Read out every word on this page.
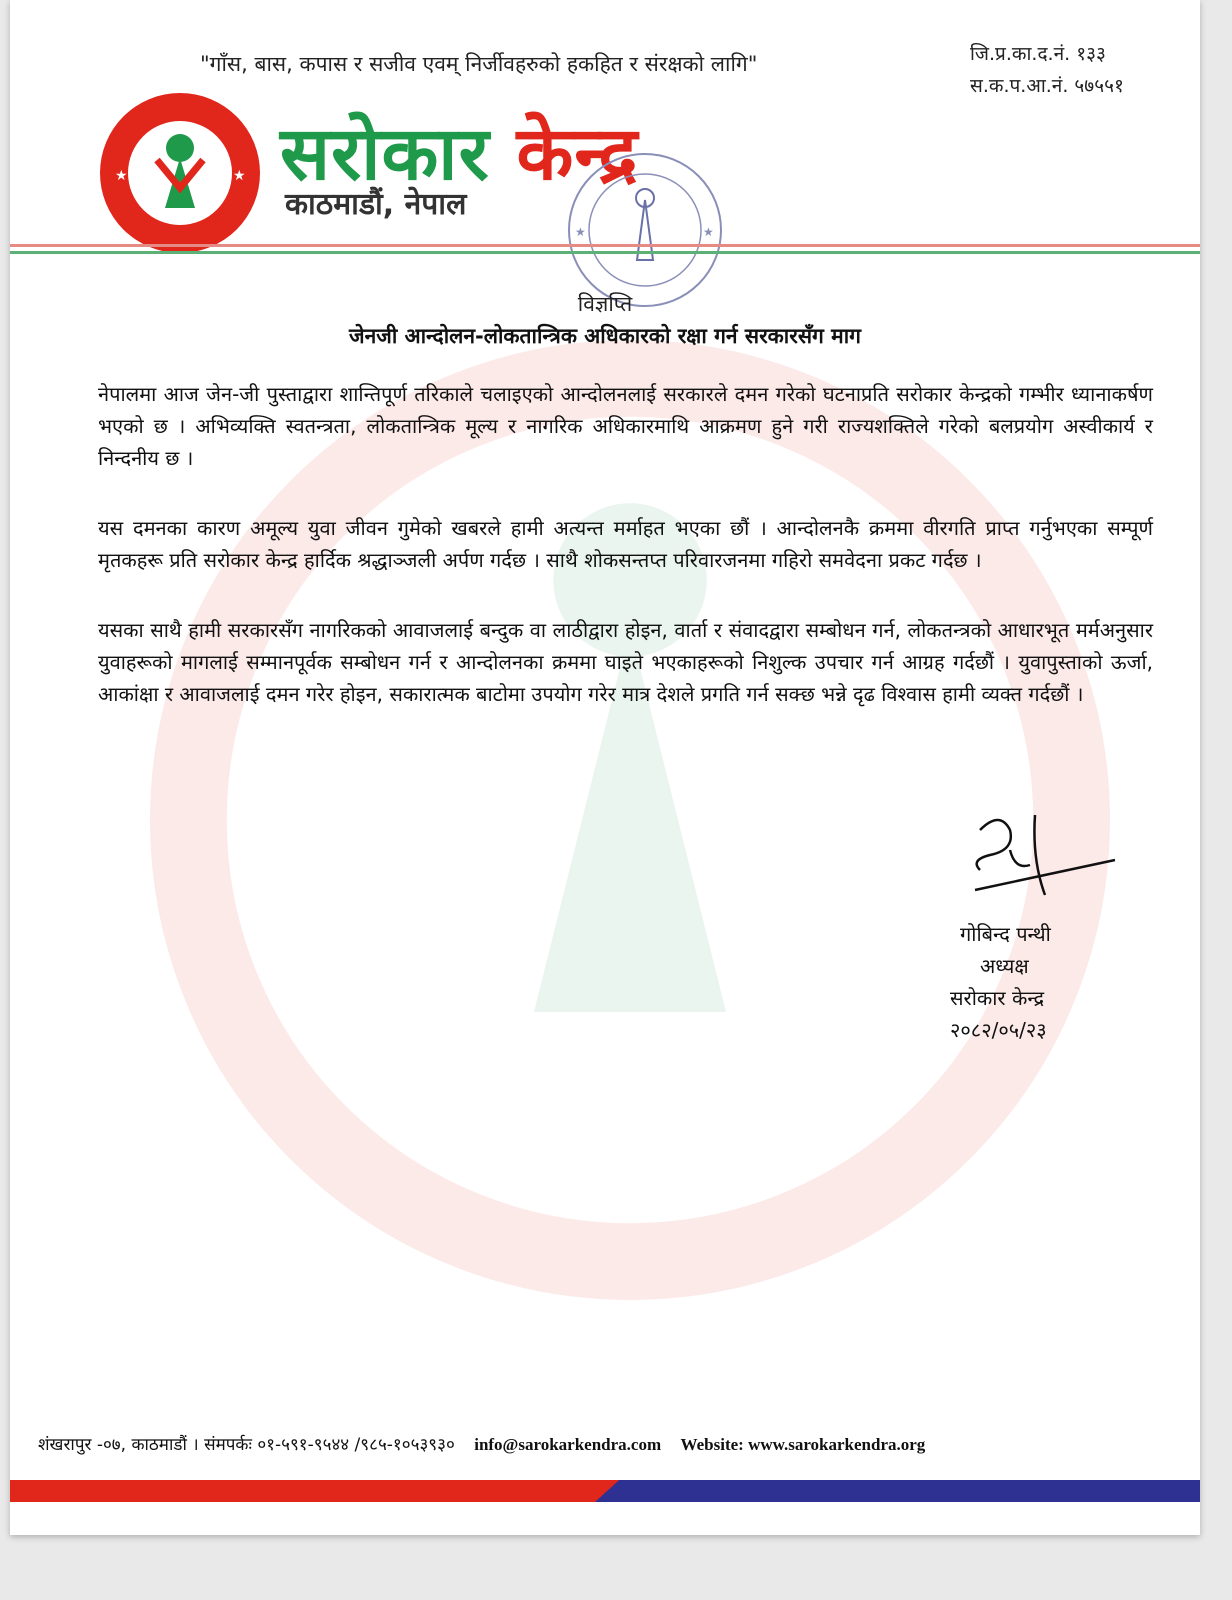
"गाँस, बास, कपास र सजीव एवम् निर्जीवहरुको हकहित र संरक्षको लागि"	जि.प्र.का.द.नं. १३३
स.क.प.आ.नं. ५७५५१
★	★ सरोकार केन्द्र
काठमाडौं, नेपाल
★	★
विज्ञप्ति
जेनजी आन्दोलन-लोकतान्त्रिक अधिकारको रक्षा गर्न सरकारसँग माग

नेपालमा आज जेन-जी पुस्ताद्वारा शान्तिपूर्ण तरिकाले चलाइएको आन्दोलनलाई सरकारले दमन गरेको घटनाप्रति सरोकार केन्द्रको गम्भीर ध्यानाकर्षण भएको छ । अभिव्यक्ति स्वतन्त्रता, लोकतान्त्रिक मूल्य र नागरिक अधिकारमाथि आक्रमण हुने गरी राज्यशक्तिले गरेको बलप्रयोग अस्वीकार्य र निन्दनीय छ ।

यस दमनका कारण अमूल्य युवा जीवन गुमेको खबरले हामी अत्यन्त मर्माहत भएका छौं । आन्दोलनकै क्रममा वीरगति प्राप्त गर्नुभएका सम्पूर्ण मृतकहरू प्रति सरोकार केन्द्र हार्दिक श्रद्धाञ्जली अर्पण गर्दछ । साथै शोकसन्तप्त परिवारजनमा गहिरो समवेदना प्रकट गर्दछ ।

यसका साथै हामी सरकारसँग नागरिकको आवाजलाई बन्दुक वा लाठीद्वारा होइन, वार्ता र संवादद्वारा सम्बोधन गर्न, लोकतन्त्रको आधारभूत मर्मअनुसार युवाहरूको मागलाई सम्मानपूर्वक सम्बोधन गर्न र आन्दोलनका क्रममा घाइते भएकाहरूको निशुल्क उपचार गर्न आग्रह गर्दछौं । युवापुस्ताको ऊर्जा, आकांक्षा र आवाजलाई दमन गरेर होइन, सकारात्मक बाटोमा उपयोग गरेर मात्र देशले प्रगति गर्न सक्छ भन्ने दृढ विश्वास हामी व्यक्त गर्दछौं ।

गोबिन्द पन्थी
अध्यक्ष
सरोकार केन्द्र
२०८२/०५/२३
शंखरापुर -०७, काठमाडौं । संमपर्कः ०१-५९१-९५४४ /९८५-१०५३९३० info@sarokarkendra.com Website: www.sarokarkendra.org
